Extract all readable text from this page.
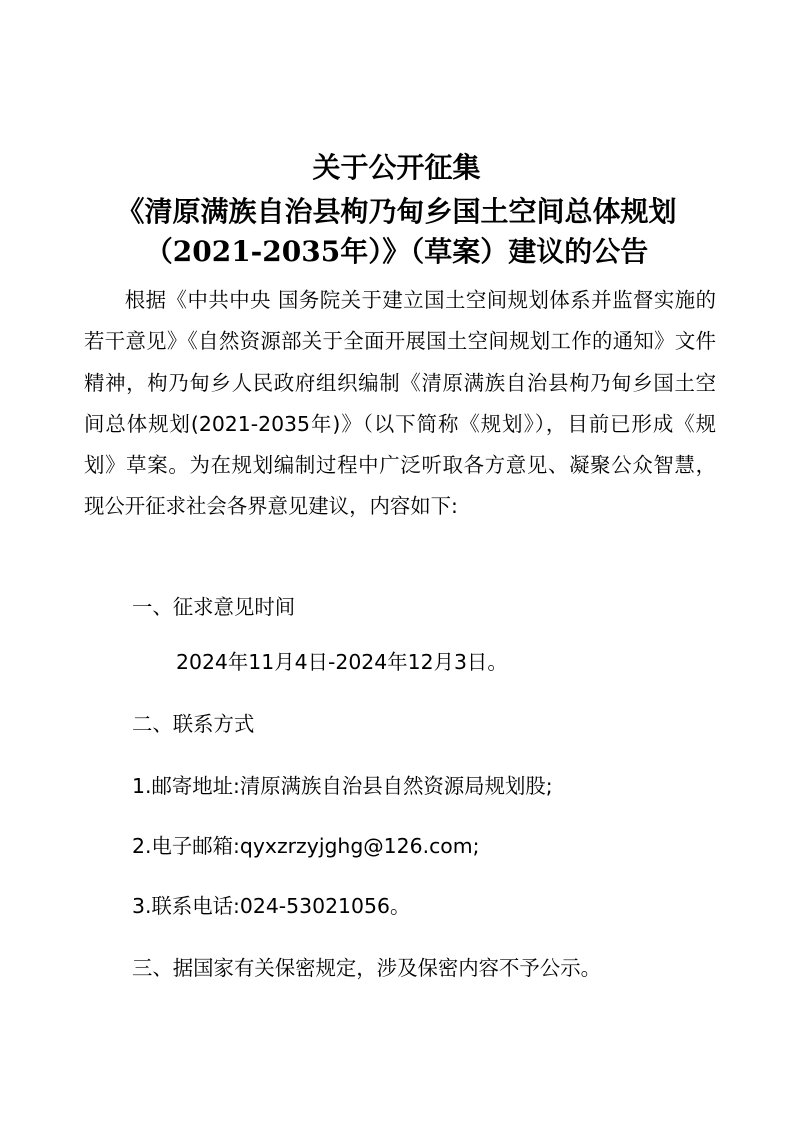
关于公开征集
《清原满族自治县枸乃甸乡国土空间总体规划
（2021-2035年）》（草案）建议的公告
根据《中共中央 国务院关于建立国土空间规划体系并监督实施的若干意见》《自然资源部关于全面开展国土空间规划工作的通知》文件精神，枸乃甸乡人民政府组织编制《清原满族自治县枸乃甸乡国土空间总体规划(2021-2035年)》（以下简称《规划》），目前已形成《规划》草案。为在规划编制过程中广泛听取各方意见、凝聚公众智慧，现公开征求社会各界意见建议，内容如下:
一、征求意见时间
2024年11月4日-2024年12月3日。
二、联系方式
1.邮寄地址:清原满族自治县自然资源局规划股;
2.电子邮箱:qyxzrzyjghg@126.com;
3.联系电话:024-53021056。
三、据国家有关保密规定，涉及保密内容不予公示。
